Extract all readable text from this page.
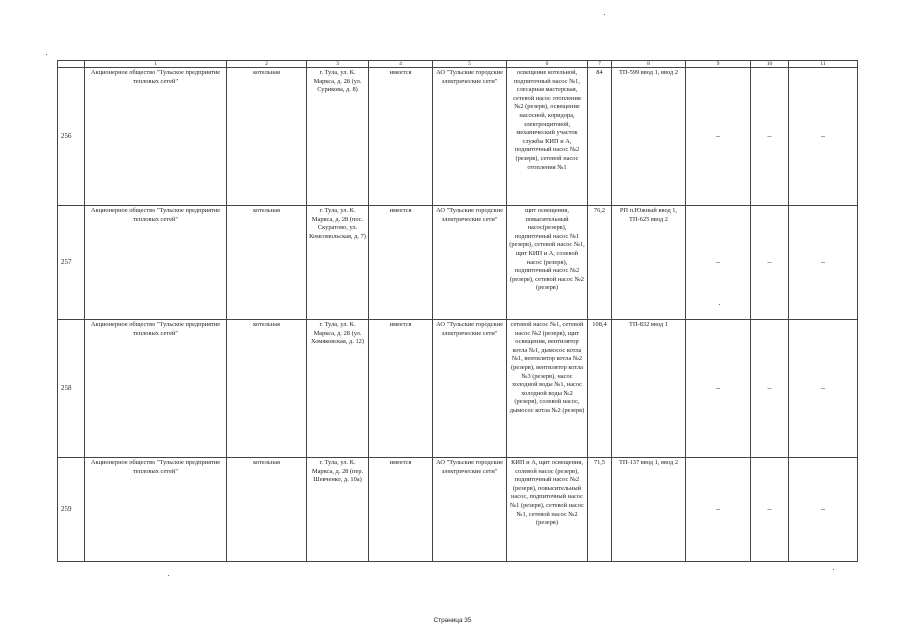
	1	2	3	4	5	6	7	8	9	10	11
256	Акционерное общество "Тульское предприятие тепловых сетей"	котельная	г. Тула, ул. К. Маркса, д. 28 (ул. Сурикова, д. 8)	имеется	АО "Тульские городские электрические сети"	освещение котельной, подпиточный насос №1, слесарная мастерская, сетевой насос отопления №2 (резерв), освещение насосной, коридора, электрощитовой, механический участок службы КИП и А, подпиточный насос №2 (резерв), сетевой насос отопления №1	84	ТП-599 ввод 1, ввод 2	–	–	–
257	Акционерное общество "Тульское предприятие тепловых сетей"	котельная	г. Тула, ул. К. Маркса, д. 28 (пос. Скуратово, ул. Комсомольская, д. 7)	имеется	АО "Тульские городские электрические сети"	щит освещения, повысительный насос(резерв), подпиточный насос №1 (резерв), сетевой насос №1, щит КИП и А, солевой насос (резерв), подпиточный насос №2 (резерв), сетевой насос №2 (резерв)	76,2	РП п.Южный ввод 1, ТП-625 ввод 2	–	–	–
258	Акционерное общество "Тульское предприятие тепловых сетей"	котельная	г. Тула, ул. К. Маркса, д. 28 (ул. Хомяковская, д. 12)	имеется	АО "Тульские городские электрические сети"	сетевой насос №1, сетевой насос №2 (резерв), щит освещения, вентилятор котла №1, дымосос котла №1, вентилятор котла №2 (резерв), вентилятор котла №3 (резерв), насос холодной воды №1, насос холодной воды №2 (резерв), солевой насос, дымосос котла №2 (резерв)	108,4	ТП-832 ввод 1	–	–	–
259	Акционерное общество "Тульское предприятие тепловых сетей"	котельная	г. Тула, ул. К. Маркса, д. 28 (пер. Шевченко, д. 10а)	имеется	АО "Тульские городские электрические сети"	КИП и А, щит освещения, солевой насос (резерв), подпиточный насос №2 (резерв), повысительный насос, подпиточный насос №1 (резерв), сетевой насос №1, сетевой насос №2 (резерв)	71,5	ТП-137 ввод 1, ввод 2	–	–	–
Страница 35
